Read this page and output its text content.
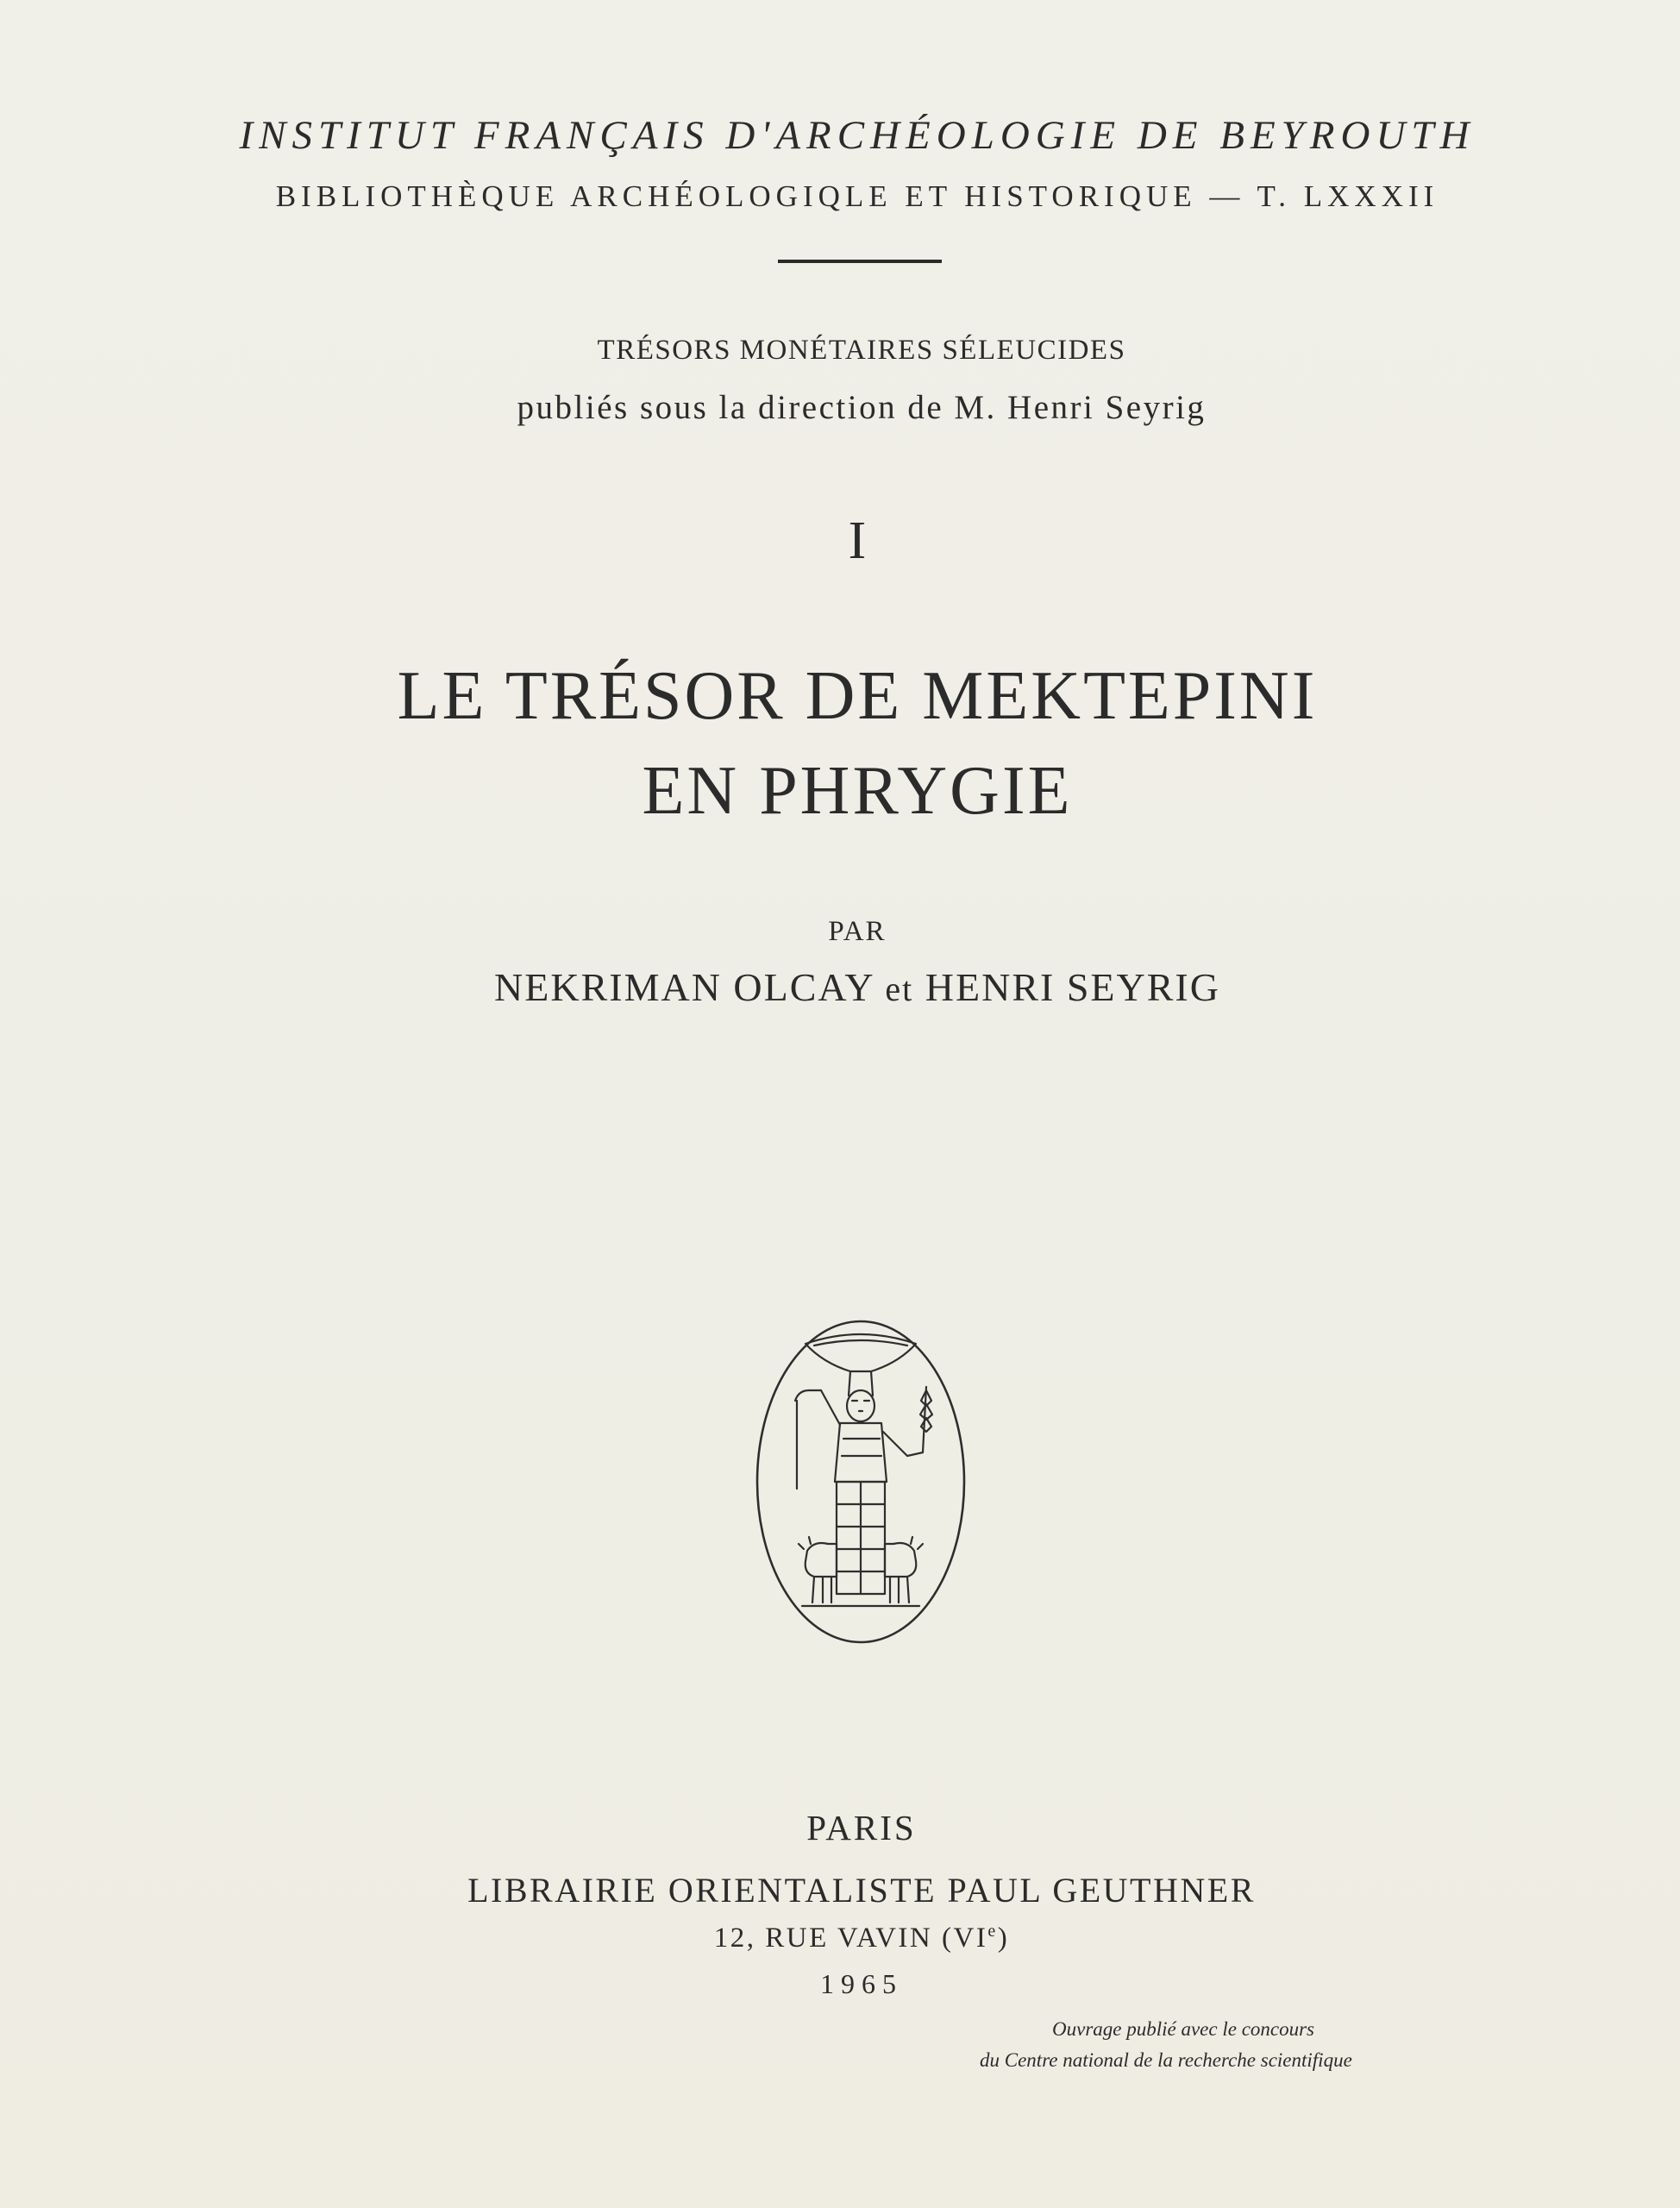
INSTITUT FRANÇAIS D'ARCHÉOLOGIE DE BEYROUTH
BIBLIOTHÈQUE ARCHÉOLOGIQLE ET HISTORIQUE — T. LXXXII
TRÉSORS MONÉTAIRES SÉLEUCIDES
publiés sous la direction de M. Henri Seyrig
I
LE TRÉSOR DE MEKTEPINI
EN PHRYGIE
PAR
NEKRIMAN OLCAY et HENRI SEYRIG
PARIS
LIBRAIRIE ORIENTALISTE PAUL GEUTHNER
12, RUE VAVIN (VIe)
1965
Ouvrage publié avec le concours
du Centre national de la recherche scientifique
